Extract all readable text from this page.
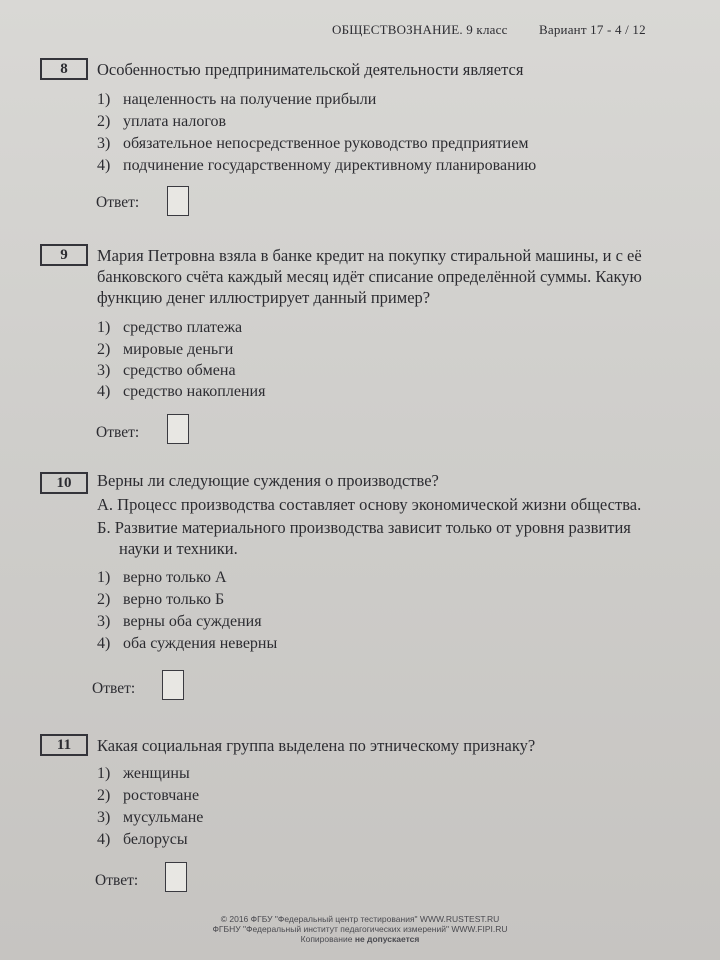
ОБЩЕСТВОЗНАНИЕ. 9 класс Вариант 17 - 4 / 12
8	Особенностью предпринимательской деятельности является
1) нацеленность на получение прибыли
2) уплата налогов
3) обязательное непосредственное руководство предприятием
4) подчинение государственному директивному планированию
Ответ:
9	Мария Петровна взяла в банке кредит на покупку стиральной машины, и с её
банковского счёта каждый месяц идёт списание определённой суммы. Какую
функцию денег иллюстрирует данный пример?
1) средство платежа
2) мировые деньги
3) средство обмена
4) средство накопления
Ответ:
10	Верны ли следующие суждения о производстве?
А. Процесс производства составляет основу экономической жизни общества.
Б. Развитие материального производства зависит только от уровня развития
науки и техники.
1) верно только А
2) верно только Б
3) верны оба суждения
4) оба суждения неверны
Ответ:
11	Какая социальная группа выделена по этническому признаку?
1) женщины
2) ростовчане
3) мусульмане
4) белорусы
Ответ:
© 2016 ФГБУ "Федеральный центр тестирования" WWW.RUSTEST.RU
ФГБНУ "Федеральный институт педагогических измерений" WWW.FIPI.RU
Копирование не допускается
